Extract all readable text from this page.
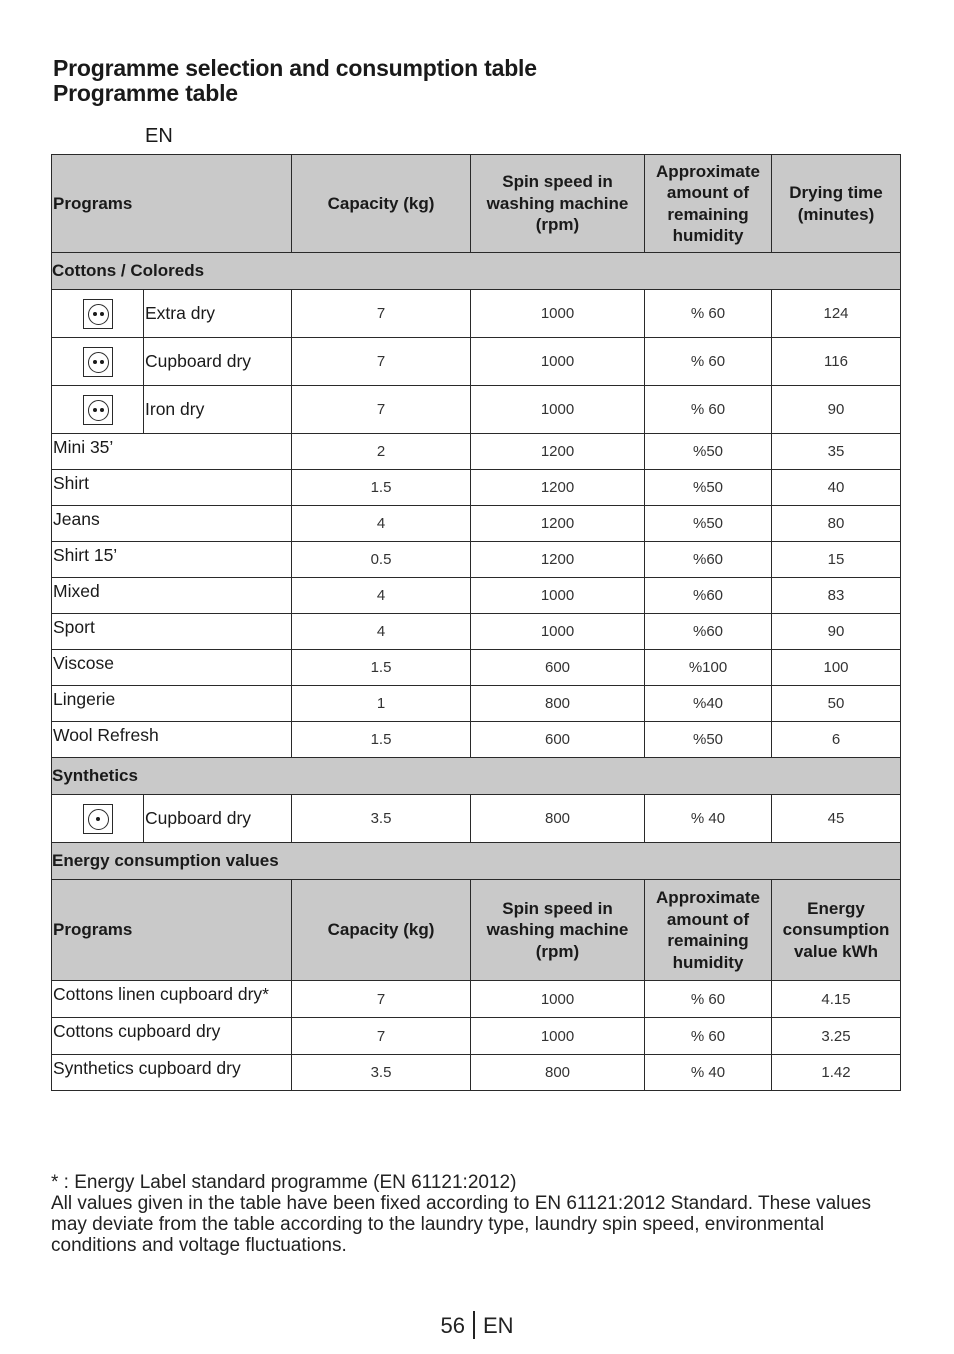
Programme selection and consumption table
Programme table
EN
Programs		Capacity (kg)	Spin speed in washing machine (rpm)	Approximate amount of remaining humidity	Drying time (minutes)
Cottons / Coloreds					

	Extra dry	7	1000	% 60	124

	Cupboard dry	7	1000	% 60	116

	Iron dry	7	1000	% 60	90
Mini 35’		2	1200	%50	35
Shirt		1.5	1200	%50	40
Jeans		4	1200	%50	80
Shirt 15’		0.5	1200	%60	15
Mixed		4	1000	%60	83
Sport		4	1000	%60	90
Viscose		1.5	600	%100	100
Lingerie		1	800	%40	50
Wool Refresh		1.5	600	%50	6
Synthetics					

	Cupboard dry	3.5	800	% 40	45
Energy consumption values					
Programs		Capacity (kg)	Spin speed in washing machine (rpm)	Approximate amount of remaining humidity	Energy consumption value kWh
Cottons linen cupboard dry*		7	1000	% 60	4.15
Cottons cupboard dry		7	1000	% 60	3.25
Synthetics cupboard dry		3.5	800	% 40	1.42
* : Energy Label standard programme (EN 61121:2012)
All values given in the table have been fixed according to EN 61121:2012 Standard. These values may deviate from the table according to the laundry type, laundry spin speed, environmental conditions and voltage fluctuations.
56 EN
